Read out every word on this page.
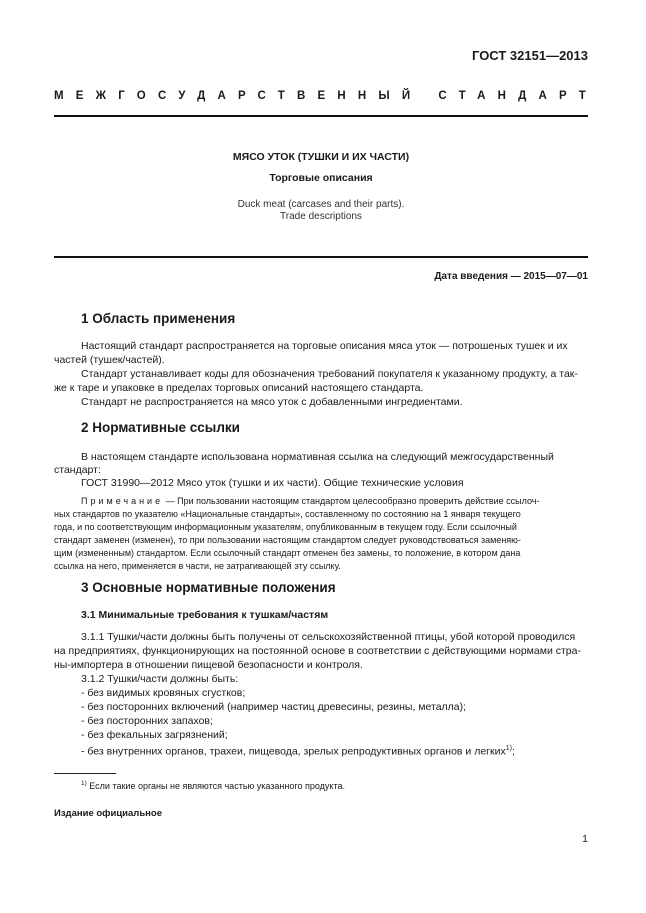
ГОСТ 32151—2013
МЕЖГОСУДАРСТВЕННЫЙ СТАНДАРТ
МЯСО УТОК (ТУШКИ И ИХ ЧАСТИ)
Торговые описания
Duck meat (carcases and their parts).
Trade descriptions
Дата введения — 2015—07—01
1 Область применения
Настоящий стандарт распространяется на торговые описания мяса уток — потрошеных тушек и их
частей (тушек/частей).
Стандарт устанавливает коды для обозначения требований покупателя к указанному продукту, а так-
же к таре и упаковке в пределах торговых описаний настоящего стандарта.
Стандарт не распространяется на мясо уток с добавленными ингредиентами.
2 Нормативные ссылки
В настоящем стандарте использована нормативная ссылка на следующий межгосударственный
стандарт:
ГОСТ 31990—2012 Мясо уток (тушки и их части). Общие технические условия
Примечание — При пользовании настоящим стандартом целесообразно проверить действие ссылоч-
ных стандартов по указателю «Национальные стандарты», составленному по состоянию на 1 января текущего
года, и по соответствующим информационным указателям, опубликованным в текущем году. Если ссылочный
стандарт заменен (изменен), то при пользовании настоящим стандартом следует руководствоваться заменяю-
щим (измененным) стандартом. Если ссылочный стандарт отменен без замены, то положение, в котором дана
ссылка на него, применяется в части, не затрагивающей эту ссылку.
3 Основные нормативные положения
3.1 Минимальные требования к тушкам/частям
3.1.1 Тушки/части должны быть получены от сельскохозяйственной птицы, убой которой проводился
на предприятиях, функционирующих на постоянной основе в соответствии с действующими нормами стра-
ны-импортера в отношении пищевой безопасности и контроля.
3.1.2 Тушки/части должны быть:
- без видимых кровяных сгустков;
- без посторонних включений (например частиц древесины, резины, металла);
- без посторонних запахов;
- без фекальных загрязнений;
- без внутренних органов, трахеи, пищевода, зрелых репродуктивных органов и легких$^{1)}$;
$^{1)}$ Если такие органы не являются частью указанного продукта.
Издание официальное
1
